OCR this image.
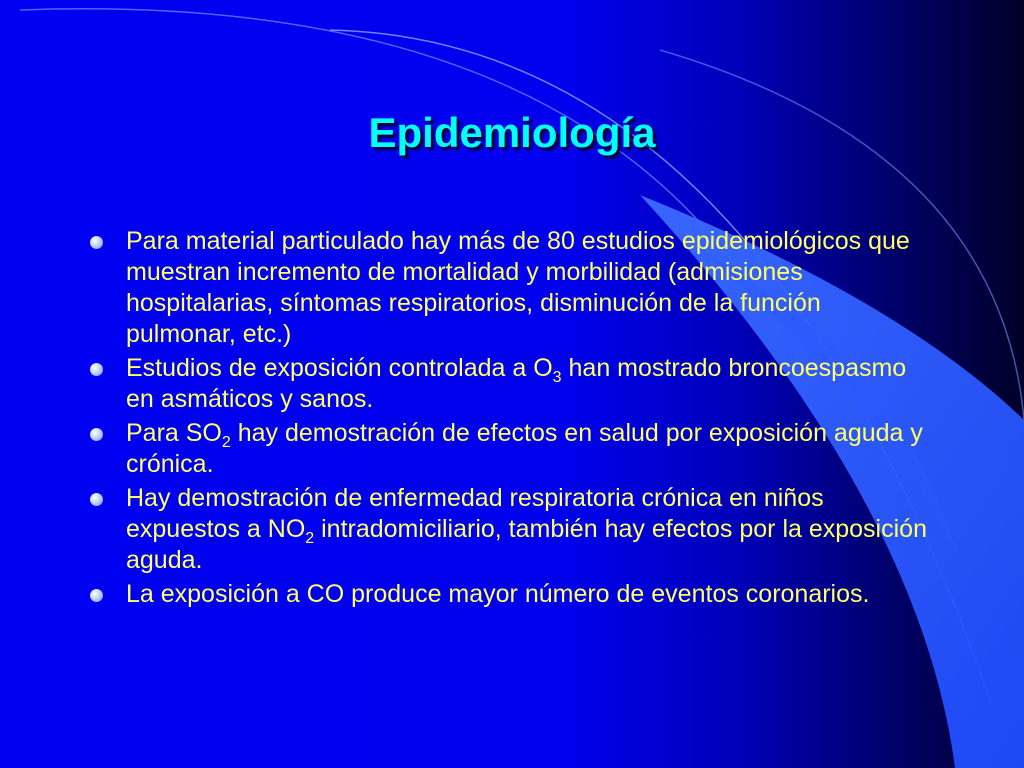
Epidemiología
Para material particulado hay más de 80 estudios epidemiológicos que muestran incremento de mortalidad y morbilidad (admisiones hospitalarias, síntomas respiratorios, disminución de la función pulmonar, etc.)
Estudios de exposición controlada a $O_3$ han mostrado broncoespasmo en asmáticos y sanos.
Para $SO_2$ hay demostración de efectos en salud por exposición aguda y crónica.
Hay demostración de enfermedad respiratoria crónica en niños expuestos a $NO_2$ intradomiciliario, también hay efectos por la exposición aguda.
La exposición a CO produce mayor número de eventos coronarios.
